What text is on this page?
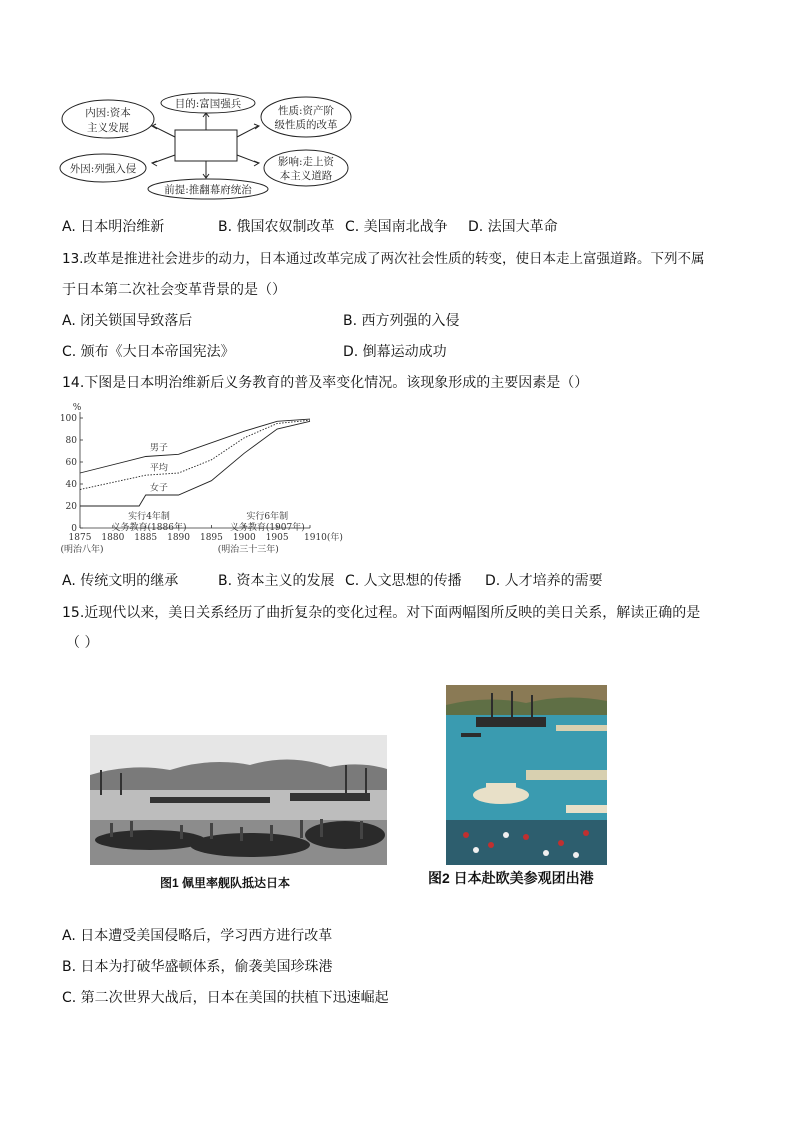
目的:富国强兵
内因:资本
主义发展
外因:列强入侵
性质:资产阶
级性质的改革
影响:走上资
本主义道路
前提:推翻幕府统治
A. 日本明治维新	B. 俄国农奴制改革 C. 美国南北战争 D. 法国大革命
13.改革是推进社会进步的动力，日本通过改革完成了两次社会性质的转变，使日本走上富强道路。下列不属
于日本第二次社会变革背景的是（）
A. 闭关锁国导致落后	B. 西方列强的入侵
C. 颁布《大日本帝国宪法》	D. 倒幕运动成功
14.下图是日本明治维新后义务教育的普及率变化情况。该现象形成的主要因素是（）
%
0
20
40
60
80
100
1875 1880 1885 1890 1895 1900 1905 1910(年)
(明治八年)	(明治三十三年)
男子
平均
女子
实行4年制
义务教育(1886年)
实行6年制
义务教育(1907年)
A. 传统文明的继承	B. 资本主义的发展 C. 人文思想的传播 D. 人才培养的需要
15.近现代以来，美日关系经历了曲折复杂的变化过程。对下面两幅图所反映的美日关系，解读正确的是
（ ）
图1 佩里率舰队抵达日本	图2 日本赴欧美参观团出港
A. 日本遭受美国侵略后，学习西方进行改革
B. 日本为打破华盛顿体系，偷袭美国珍珠港
C. 第二次世界大战后，日本在美国的扶植下迅速崛起
